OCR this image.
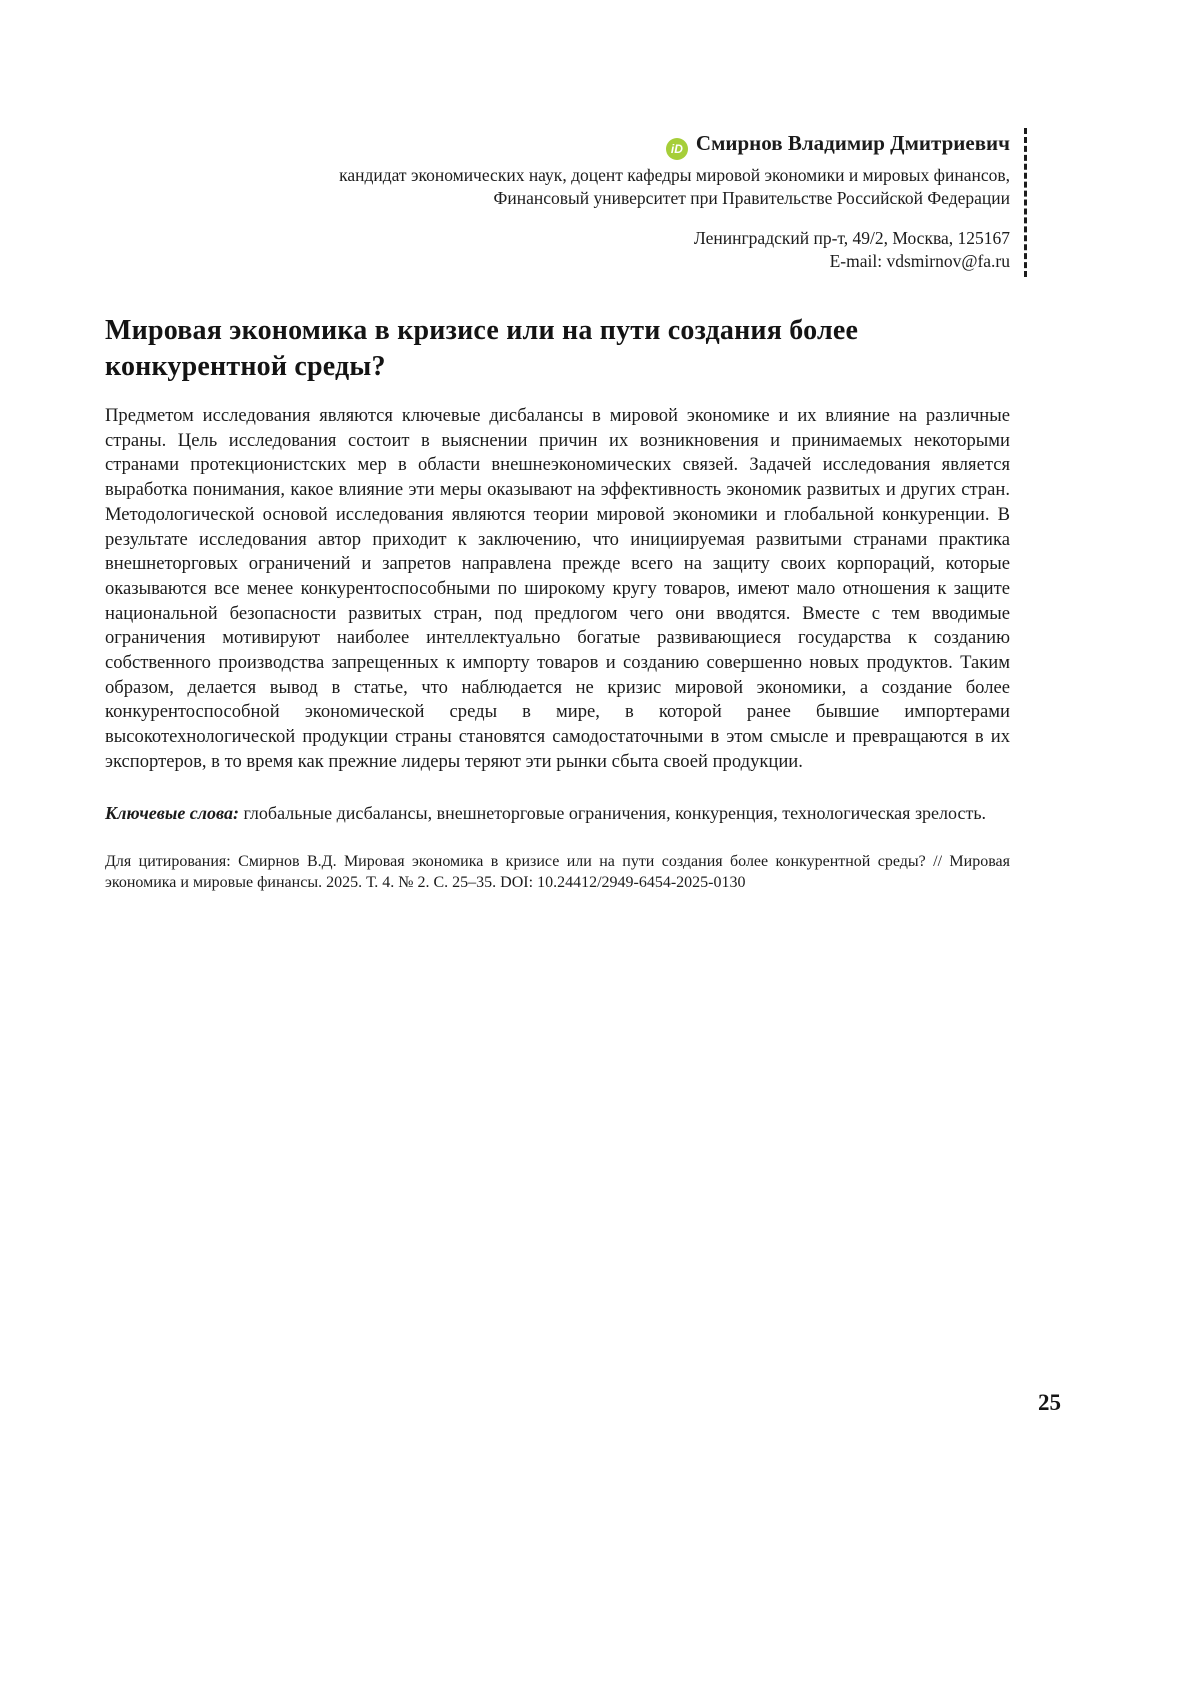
iD Смирнов Владимир Дмитриевич
кандидат экономических наук, доцент кафедры мировой экономики и мировых финансов,
Финансовый университет при Правительстве Российской Федерации
Ленинградский пр-т, 49/2, Москва, 125167
E-mail: vdsmirnov@fa.ru
Мировая экономика в кризисе или на пути создания более конкурентной среды?

Предметом исследования являются ключевые дисбалансы в мировой экономике и их влияние на различные страны. Цель исследования состоит в выяснении причин их возникновения и принимаемых некоторыми странами протекционистских мер в области внешнеэкономических связей. Задачей исследования является выработка понимания, какое влияние эти меры оказывают на эффективность экономик развитых и других стран. Методологической основой исследования являются теории мировой экономики и глобальной конкуренции. В результате исследования автор приходит к заключению, что инициируемая развитыми странами практика внешнеторговых ограничений и запретов направлена прежде всего на защиту своих корпораций, которые оказываются все менее конкурентоспособными по широкому кругу товаров, имеют мало отношения к защите национальной безопасности развитых стран, под предлогом чего они вводятся. Вместе с тем вводимые ограничения мотивируют наиболее интеллектуально богатые развивающиеся государства к созданию собственного производства запрещенных к импорту товаров и созданию совершенно новых продуктов. Таким образом, делается вывод в статье, что наблюдается не кризис мировой экономики, а создание более конкурентоспособной экономической среды в мире, в которой ранее бывшие импортерами высокотехнологической продукции страны становятся самодостаточными в этом смысле и превращаются в их экспортеров, в то время как прежние лидеры теряют эти рынки сбыта своей продукции.

Ключевые слова: глобальные дисбалансы, внешнеторговые ограничения, конкуренция, технологическая зрелость.

Для цитирования: Смирнов В.Д. Мировая экономика в кризисе или на пути создания более конкурентной среды? // Мировая экономика и мировые финансы. 2025. Т. 4. № 2. С. 25–35. DOI: 10.24412/2949-6454-2025-0130

25
